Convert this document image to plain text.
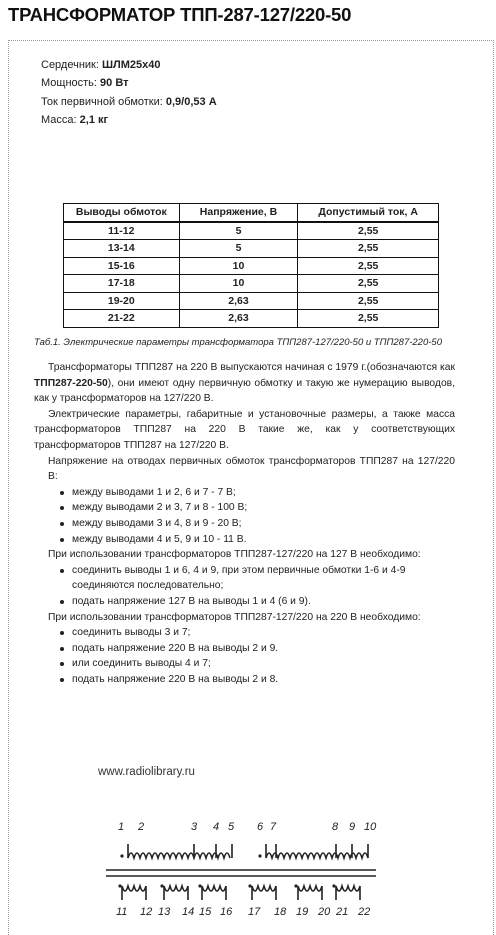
ТРАНСФОРМАТОР ТПП-287-127/220-50
Сердечник: ШЛМ25х40
Мощность: 90 Вт
Ток первичной обмотки: 0,9/0,53 А
Масса: 2,1 кг
Выводы обмоток	Напряжение, В	Допустимый ток, А
11-12	5	2,55
13-14	5	2,55
15-16	10	2,55
17-18	10	2,55
19-20	2,63	2,55
21-22	2,63	2,55
Таб.1. Электрические параметры трансформатора ТПП287-127/220-50 и ТПП287-220-50

Трансформаторы ТПП287 на 220 В выпускаются начиная с 1979 г.(обозначаются как ТПП287-220-50), они имеют одну первичную обмотку и такую же нумерацию выводов, как у трансформаторов на 127/220 В.

Электрические параметры, габаритные и установочные размеры, а также масса трансформаторов ТПП287 на 220 В такие же, как у соответствующих трансформаторов ТПП287 на 127/220 В.

Напряжение на отводах первичных обмоток трансформаторов ТПП287 на 127/220 В:

между выводами 1 и 2, 6 и 7 - 7 В;
между выводами 2 и 3, 7 и 8 - 100 В;
между выводами 3 и 4, 8 и 9 - 20 В;
между выводами 4 и 5, 9 и 10 - 11 В.

При использовании трансформаторов ТПП287-127/220 на 127 В необходимо:

соединить выводы 1 и 6, 4 и 9, при этом первичные обмотки 1-6 и 4-9 соединяются последовательно;
подать напряжение 127 В на выводы 1 и 4 (6 и 9).

При использовании трансформаторов ТПП287-127/220 на 220 В необходимо:

соединить выводы 3 и 7;
подать напряжение 220 В на выводы 2 и 9.
или соединить выводы 4 и 7;
подать напряжение 220 В на выводы 2 и 8.
www.radiolibrary.ru
1 2	3 4 5 6 7	8 9 10
11 12 13 14 15 16 17 18 19 20 21 22
